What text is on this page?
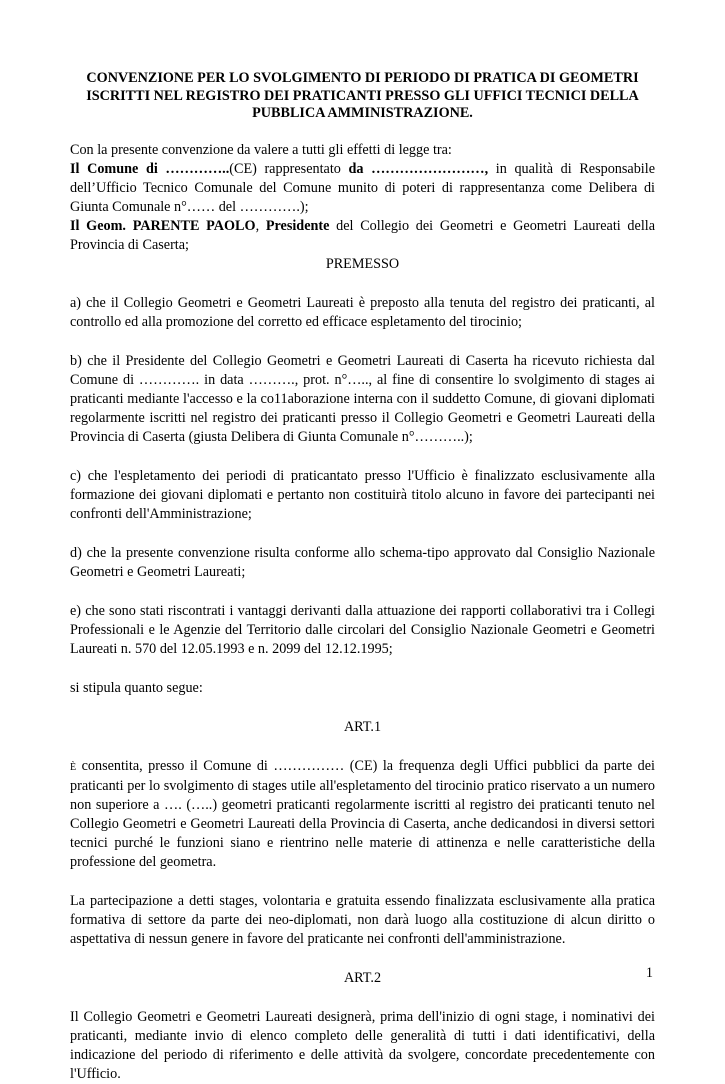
CONVENZIONE PER LO SVOLGIMENTO DI PERIODO DI PRATICA DI GEOMETRI
ISCRITTI NEL REGISTRO DEI PRATICANTI PRESSO GLI UFFICI TECNICI DELLA
PUBBLICA AMMINISTRAZIONE.

Con la presente convenzione da valere a tutti gli effetti di legge tra:

Il Comune di …………..(CE) rappresentato da ……………………, in qualità di Responsabile dell’Ufficio Tecnico Comunale del Comune munito di poteri di rappresentanza come Delibera di Giunta Comunale n°…… del ………….);

Il Geom. PARENTE PAOLO, Presidente del Collegio dei Geometri e Geometri Laureati della Provincia di Caserta;

PREMESSO

a) che il Collegio Geometri e Geometri Laureati è preposto alla tenuta del registro dei praticanti, al controllo ed alla promozione del corretto ed efficace espletamento del tirocinio;

b) che il Presidente del Collegio Geometri e Geometri Laureati di Caserta ha ricevuto richiesta dal Comune di …………. in data ………., prot. n°….., al fine di consentire lo svolgimento di stages ai praticanti mediante l'accesso e la co11aborazione interna con il suddetto Comune, di giovani diplomati regolarmente iscritti nel registro dei praticanti presso il Collegio Geometri e Geometri Laureati della Provincia di Caserta (giusta Delibera di Giunta Comunale n°………..);

c) che l'espletamento dei periodi di praticantato presso l'Ufficio è finalizzato esclusivamente alla formazione dei giovani diplomati e pertanto non costituirà titolo alcuno in favore dei partecipanti nei confronti dell'Amministrazione;

d) che la presente convenzione risulta conforme allo schema-tipo approvato dal Consiglio Nazionale Geometri e Geometri Laureati;

e) che sono stati riscontrati i vantaggi derivanti dalla attuazione dei rapporti collaborativi tra i Collegi Professionali e le Agenzie del Territorio dalle circolari del Consiglio Nazionale Geometri e Geometri Laureati n. 570 del 12.05.1993 e n. 2099 del 12.12.1995;

si stipula quanto segue:

ART.1

È consentita, presso il Comune di …………… (CE) la frequenza degli Uffici pubblici da parte dei praticanti per lo svolgimento di stages utile all'espletamento del tirocinio pratico riservato a un numero non superiore a …. (…..) geometri praticanti regolarmente iscritti al registro dei praticanti tenuto nel Collegio Geometri e Geometri Laureati della Provincia di Caserta, anche dedicandosi in diversi settori tecnici purché le funzioni siano e rientrino nelle materie di attinenza e nelle caratteristiche della professione del geometra.

La partecipazione a detti stages, volontaria e gratuita essendo finalizzata esclusivamente alla pratica formativa di settore da parte dei neo-diplomati, non darà luogo alla costituzione di alcun diritto o aspettativa di nessun genere in favore del praticante nei confronti dell'amministrazione.

ART.2

Il Collegio Geometri e Geometri Laureati designerà, prima dell'inizio di ogni stage, i nominativi dei praticanti, mediante invio di elenco completo delle generalità di tutti i dati identificativi, della indicazione del periodo di riferimento e delle attività da svolgere, concordate precedentemente con l'Ufficio.

1
